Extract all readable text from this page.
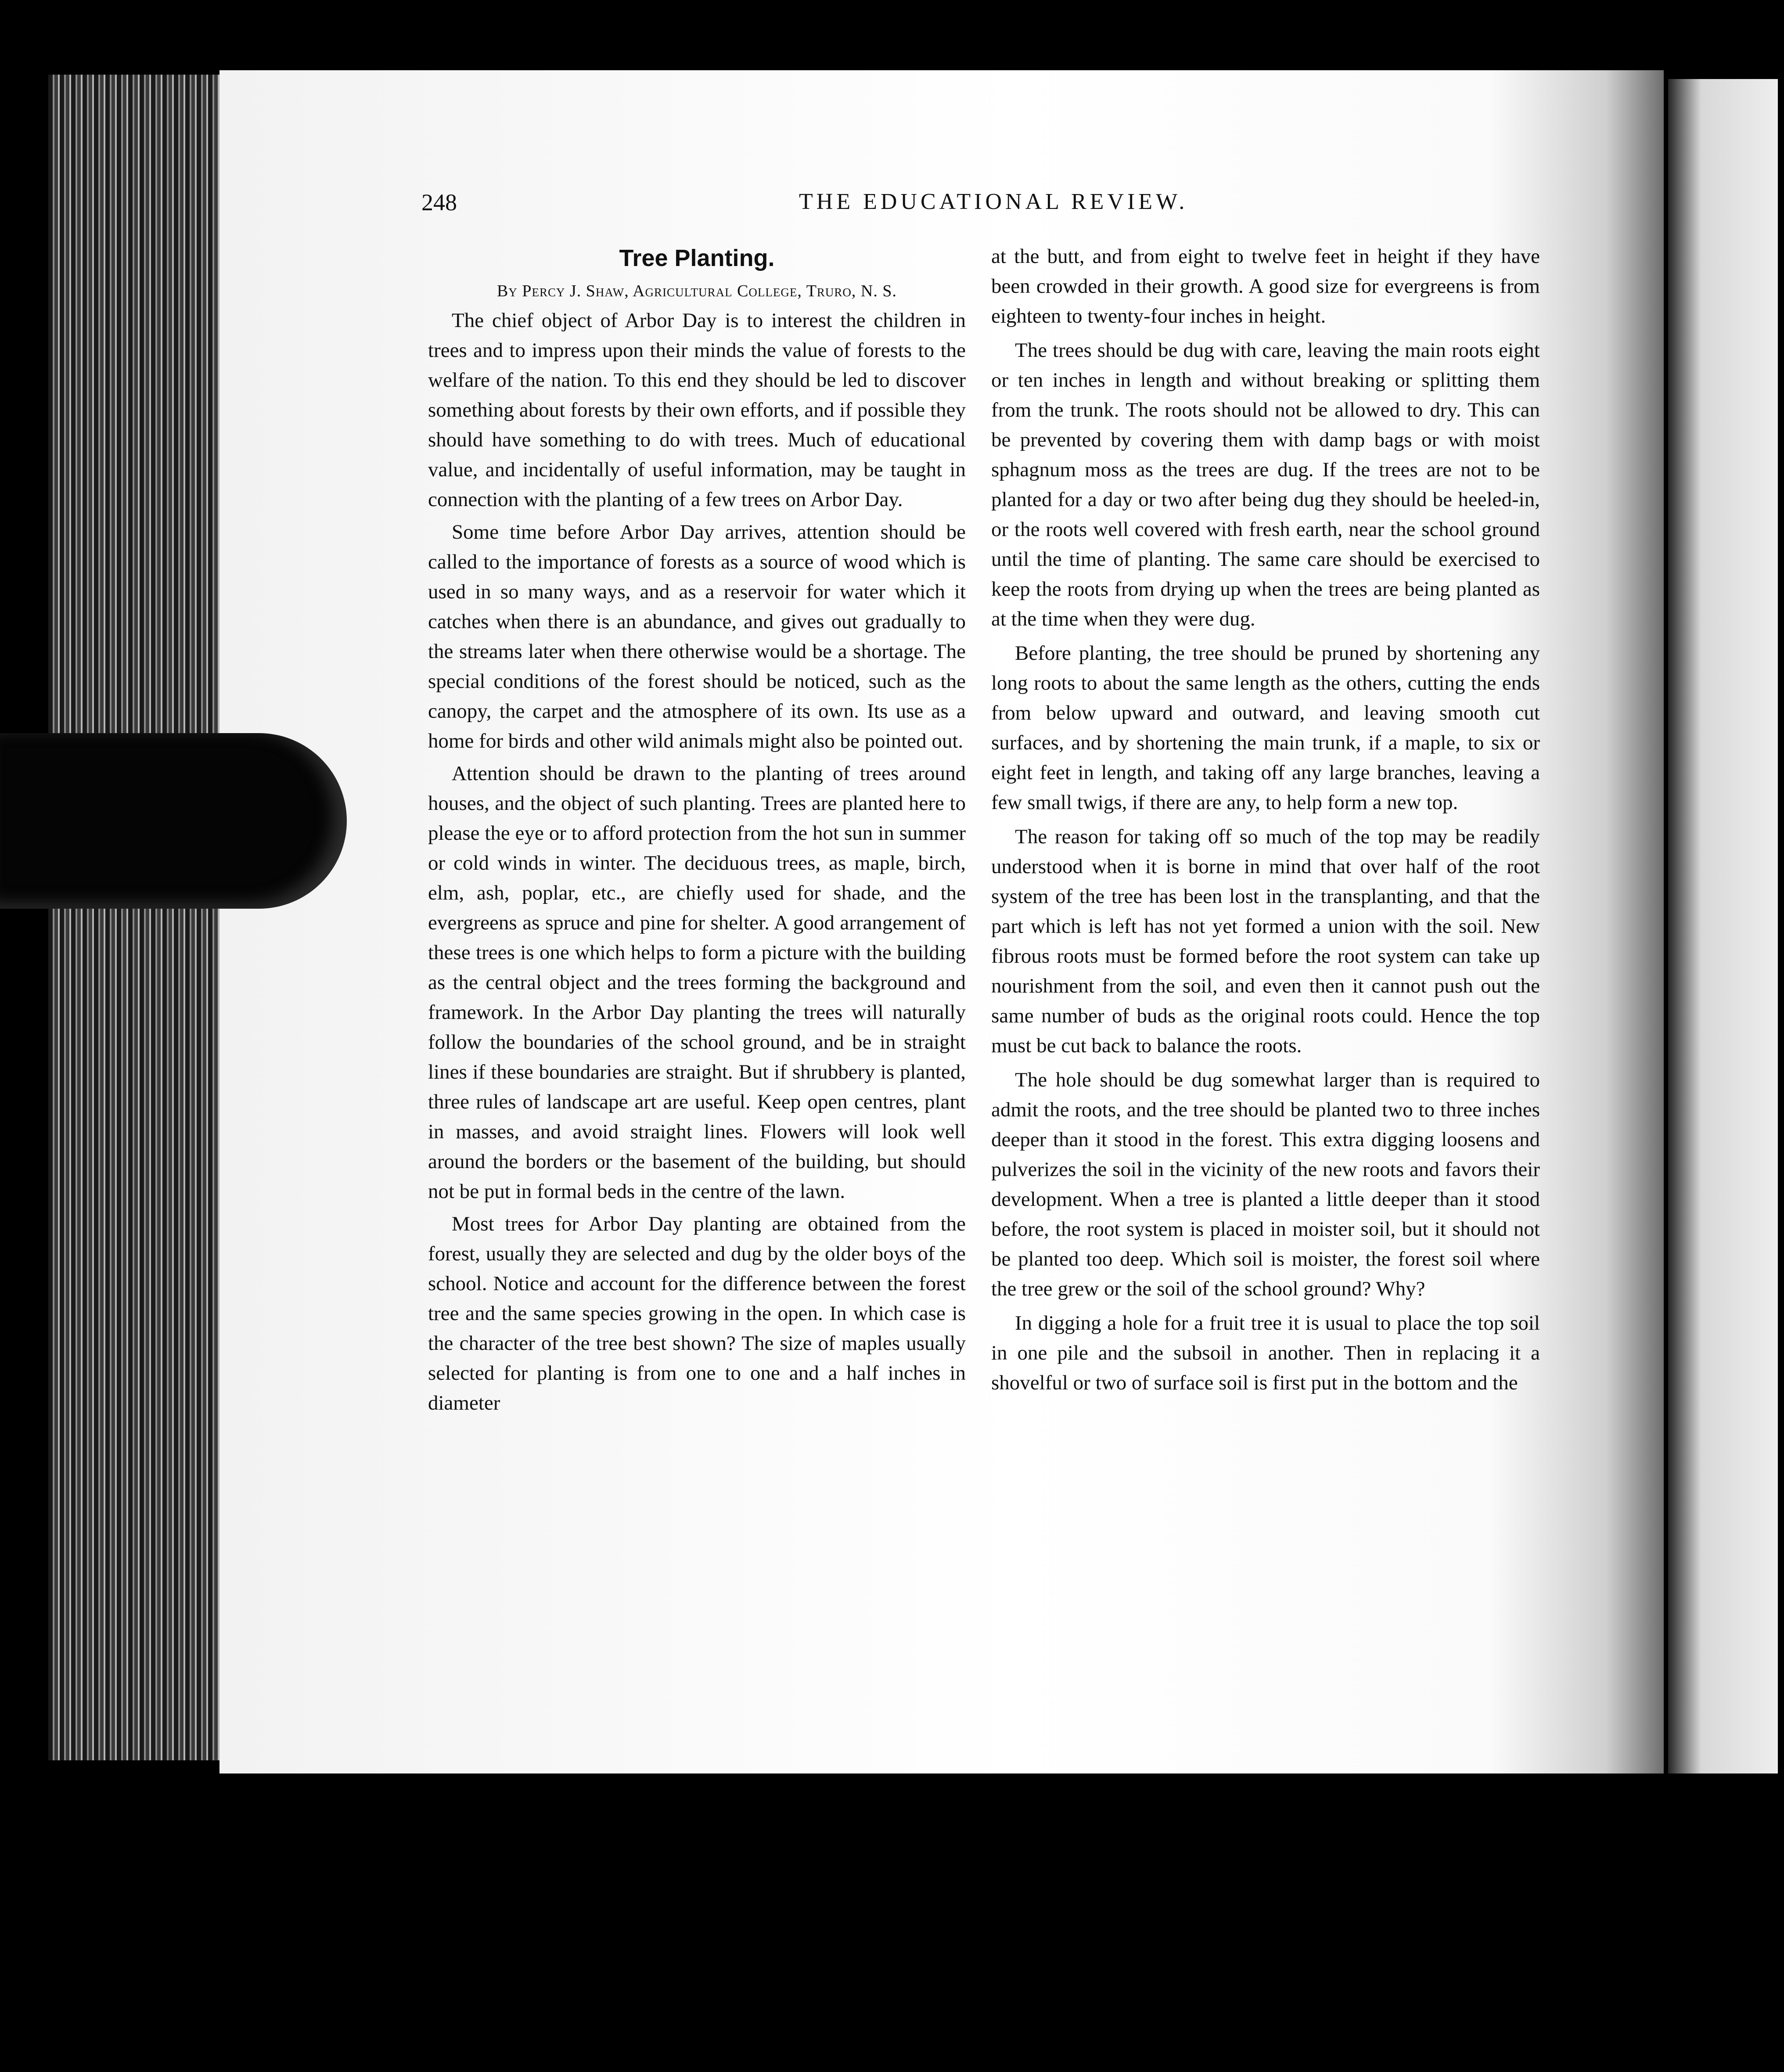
248	THE EDUCATIONAL REVIEW.
Tree Planting.
By Percy J. Shaw, Agricultural College, Truro, N. S.

The chief object of Arbor Day is to interest the children in trees and to impress upon their minds the value of forests to the welfare of the nation. To this end they should be led to discover something about forests by their own efforts, and if possible they should have something to do with trees. Much of educational value, and incidentally of useful information, may be taught in connection with the planting of a few trees on Arbor Day.

Some time before Arbor Day arrives, attention should be called to the importance of forests as a source of wood which is used in so many ways, and as a reservoir for water which it catches when there is an abundance, and gives out gradually to the streams later when there otherwise would be a shortage. The special conditions of the forest should be noticed, such as the canopy, the carpet and the atmosphere of its own. Its use as a home for birds and other wild animals might also be pointed out.

Attention should be drawn to the planting of trees around houses, and the object of such planting. Trees are planted here to please the eye or to afford protection from the hot sun in summer or cold winds in winter. The deciduous trees, as maple, birch, elm, ash, poplar, etc., are chiefly used for shade, and the evergreens as spruce and pine for shelter. A good arrangement of these trees is one which helps to form a picture with the building as the central object and the trees forming the background and framework. In the Arbor Day planting the trees will naturally follow the boundaries of the school ground, and be in straight lines if these boundaries are straight. But if shrubbery is planted, three rules of landscape art are useful. Keep open centres, plant in masses, and avoid straight lines. Flowers will look well around the borders or the basement of the building, but should not be put in formal beds in the centre of the lawn.

Most trees for Arbor Day planting are obtained from the forest, usually they are selected and dug by the older boys of the school. Notice and account for the difference between the forest tree and the same species growing in the open. In which case is the character of the tree best shown? The size of maples usually selected for planting is from one to one and a half inches in diameter

at the butt, and from eight to twelve feet in height if they have been crowded in their growth. A good size for evergreens is from eighteen to twenty-four inches in height.

The trees should be dug with care, leaving the main roots eight or ten inches in length and without breaking or splitting them from the trunk. The roots should not be allowed to dry. This can be prevented by covering them with damp bags or with moist sphagnum moss as the trees are dug. If the trees are not to be planted for a day or two after being dug they should be heeled-in, or the roots well covered with fresh earth, near the school ground until the time of planting. The same care should be exercised to keep the roots from drying up when the trees are being planted as at the time when they were dug.

Before planting, the tree should be pruned by shortening any long roots to about the same length as the others, cutting the ends from below upward and outward, and leaving smooth cut surfaces, and by shortening the main trunk, if a maple, to six or eight feet in length, and taking off any large branches, leaving a few small twigs, if there are any, to help form a new top.

The reason for taking off so much of the top may be readily understood when it is borne in mind that over half of the root system of the tree has been lost in the transplanting, and that the part which is left has not yet formed a union with the soil. New fibrous roots must be formed before the root system can take up nourishment from the soil, and even then it cannot push out the same number of buds as the original roots could. Hence the top must be cut back to balance the roots.

The hole should be dug somewhat larger than is required to admit the roots, and the tree should be planted two to three inches deeper than it stood in the forest. This extra digging loosens and pulverizes the soil in the vicinity of the new roots and favors their development. When a tree is planted a little deeper than it stood before, the root system is placed in moister soil, but it should not be planted too deep. Which soil is moister, the forest soil where the tree grew or the soil of the school ground? Why?

In digging a hole for a fruit tree it is usual to place the top soil in one pile and the subsoil in another. Then in replacing it a shovelful or two of surface soil is first put in the bottom and the
